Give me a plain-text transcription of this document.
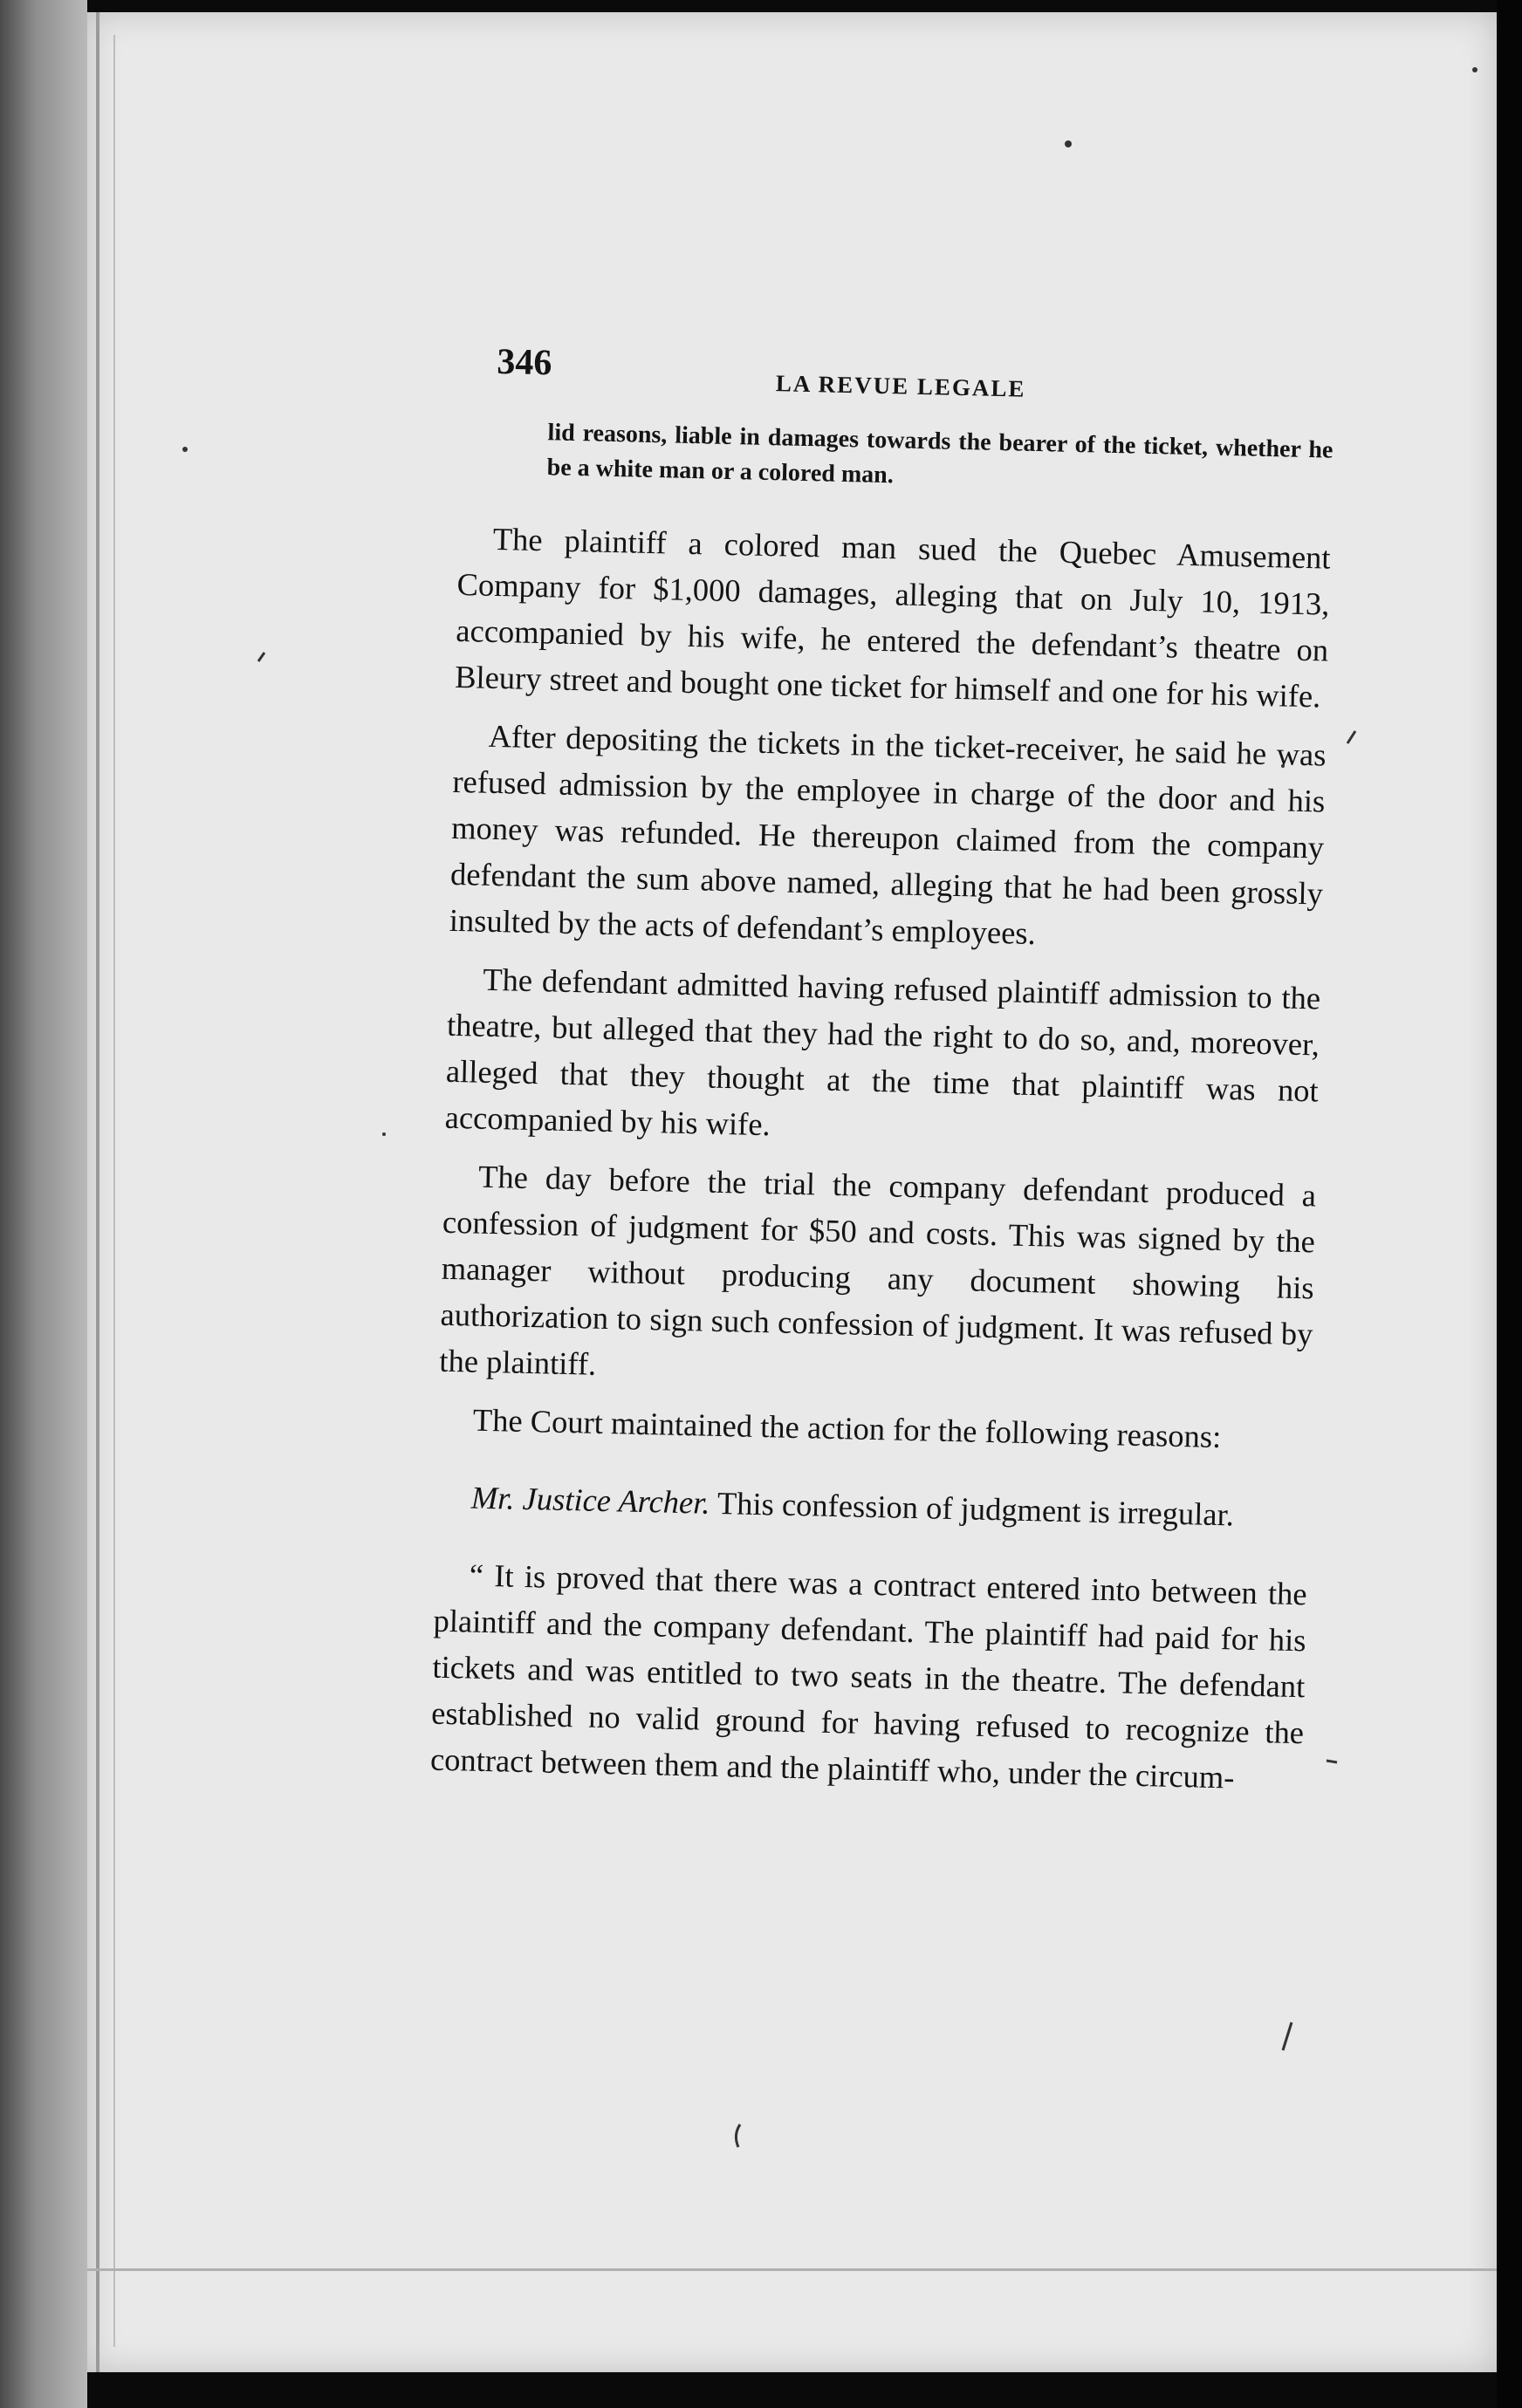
346
LA REVUE LEGALE

lid reasons, liable in damages towards the bearer of the ticket, whether he be a white man or a colored man.

The plaintiff a colored man sued the Quebec Amusement Company for $1,000 damages, alleging that on July 10, 1913, accompanied by his wife, he entered the defendant’s theatre on Bleury street and bought one ticket for himself and one for his wife.

After depositing the tickets in the ticket-receiver, he said he was refused admission by the employee in charge of the door and his money was refunded. He thereupon claimed from the company defendant the sum above named, alleging that he had been grossly insulted by the acts of defendant’s employees.

The defendant admitted having refused plaintiff admission to the theatre, but alleged that they had the right to do so, and, moreover, alleged that they thought at the time that plaintiff was not accompanied by his wife.

The day before the trial the company defendant produced a confession of judgment for $50 and costs. This was signed by the manager without producing any document showing his authorization to sign such confession of judgment. It was refused by the plaintiff.

The Court maintained the action for the following reasons:

Mr. Justice Archer. This confession of judgment is irregular.

“ It is proved that there was a contract entered into between the plaintiff and the company defendant. The plaintiff had paid for his tickets and was entitled to two seats in the theatre. The defendant established no valid ground for having refused to recognize the contract between them and the plaintiff who, under the circum-
